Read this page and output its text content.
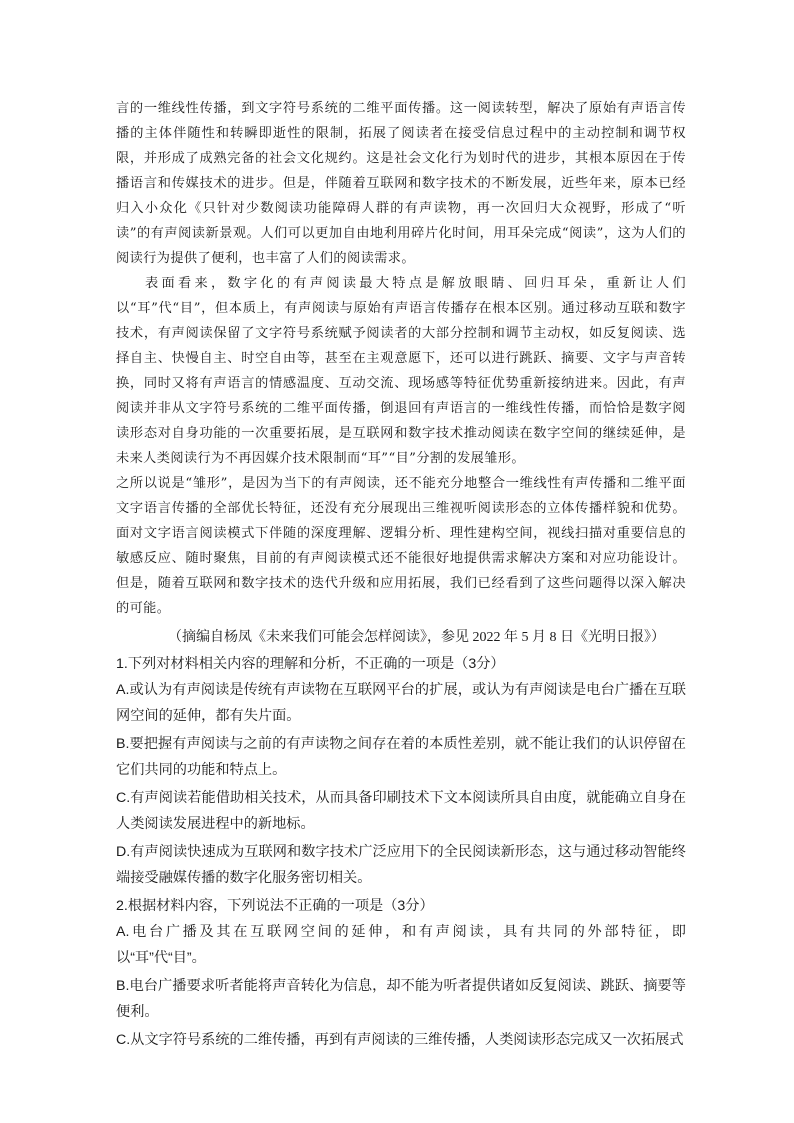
言的一维线性传播，到文字符号系统的二维平面传播。这一阅读转型，解决了原始有声语言传播的主体伴随性和转瞬即逝性的限制，拓展了阅读者在接受信息过程中的主动控制和调节权限，并形成了成熟完备的社会文化规约。这是社会文化行为划时代的进步，其根本原因在于传播语言和传媒技术的进步。但是，伴随着互联网和数字技术的不断发展，近些年来，原本已经归入小众化《只针对少数阅读功能障碍人群的有声读物，再一次回归大众视野，形成了“听读”的有声阅读新景观。人们可以更加自由地利用碎片化时间，用耳朵完成“阅读”，这为人们的阅读行为提供了便利，也丰富了人们的阅读需求。

表面看来，数字化的有声阅读最大特点是解放眼睛、回归耳朵，重新让人们以“耳”代“目”，但本质上，有声阅读与原始有声语言传播存在根本区别。通过移动互联和数字技术，有声阅读保留了文字符号系统赋予阅读者的大部分控制和调节主动权，如反复阅读、选择自主、快慢自主、时空自由等，甚至在主观意愿下，还可以进行跳跃、摘要、文字与声音转换，同时又将有声语言的情感温度、互动交流、现场感等特征优势重新接纳进来。因此，有声阅读并非从文字符号系统的二维平面传播，倒退回有声语言的一维线性传播，而恰恰是数字阅读形态对自身功能的一次重要拓展，是互联网和数字技术推动阅读在数字空间的继续延伸，是未来人类阅读行为不再因媒介技术限制而“耳”“目”分割的发展雏形。

之所以说是“雏形”，是因为当下的有声阅读，还不能充分地整合一维线性有声传播和二维平面文字语言传播的全部优长特征，还没有充分展现出三维视听阅读形态的立体传播样貌和优势。面对文字语言阅读模式下伴随的深度理解、逻辑分析、理性建构空间，视线扫描对重要信息的敏感反应、随时聚焦，目前的有声阅读模式还不能很好地提供需求解决方案和对应功能设计。但是，随着互联网和数字技术的迭代升级和应用拓展，我们已经看到了这些问题得以深入解决的可能。

（摘编自杨凤《未来我们可能会怎样阅读》，参见 2022 年 5 月 8 日《光明日报》）

1.下列对材料相关内容的理解和分析，不正确的一项是（3分）

A.或认为有声阅读是传统有声读物在互联网平台的扩展，或认为有声阅读是电台广播在互联网空间的延伸，都有失片面。

B.要把握有声阅读与之前的有声读物之间存在着的本质性差别，就不能让我们的认识停留在它们共同的功能和特点上。

C.有声阅读若能借助相关技术，从而具备印刷技术下文本阅读所具自由度，就能确立自身在人类阅读发展进程中的新地标。

D.有声阅读快速成为互联网和数字技术广泛应用下的全民阅读新形态，这与通过移动智能终端接受融媒传播的数字化服务密切相关。

2.根据材料内容，下列说法不正确的一项是（3分）

A.电台广播及其在互联网空间的延伸，和有声阅读，具有共同的外部特征，即以“耳”代“目”。

B.电台广播要求听者能将声音转化为信息，却不能为听者提供诸如反复阅读、跳跃、摘要等便利。

C.从文字符号系统的二维传播，再到有声阅读的三维传播，人类阅读形态完成又一次拓展式
